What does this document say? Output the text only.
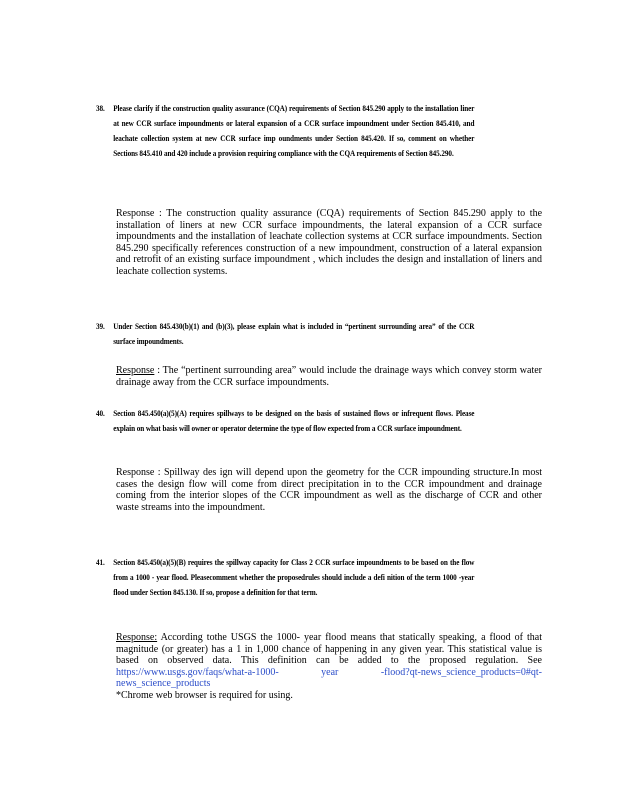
38. Please clarify if the construction quality assurance (CQA) requirements of Section 845.290 apply to the installation liner at new CCR surface impoundments or lateral expansion of a CCR surface impoundment under Section 845.410, and leachate collection system at new CCR surface imp oundments under Section 845.420. If so, comment on whether Sections 845.410 and 420 include a provision requiring compliance with the CQA requirements of Section 845.290.
Response : The construction quality assurance (CQA) requirements of Section 845.290 apply to the installation of liners at new CCR surface impoundments, the lateral expansion of a CCR surface impoundments and the installation of leachate collection systems at CCR surface impoundments. Section 845.290 specifically references construction of a new impoundment, construction of a lateral expansion and retrofit of an existing surface impoundment , which includes the design and installation of liners and leachate collection systems.
39. Under Section 845.430(b)(1) and (b)(3), please explain what is included in “pertinent surrounding area” of the CCR surface impoundments.
Response : The “pertinent surrounding area” would include the drainage ways which convey storm water drainage away from the CCR surface impoundments.
40. Section 845.450(a)(5)(A) requires spillways to be designed on the basis of sustained flows or infrequent flows. Please explain on what basis will owner or operator determine the type of flow expected from a CCR surface impoundment.
Response : Spillway des ign will depend upon the geometry for the CCR impounding structure.In most cases the design flow will come from direct precipitation in to the CCR impoundment and drainage coming from the interior slopes of the CCR impoundment as well as the discharge of CCR and other waste streams into the impoundment.
41. Section 845.450(a)(5)(B) requires the spillway capacity for Class 2 CCR surface impoundments to be based on the flow from a 1000 - year flood. Pleasecomment whether the proposedrules should include a defi nition of the term 1000 -year flood under Section 845.130. If so, propose a definition for that term.
Response: According tothe USGS the 1000- year flood means that statically speaking, a flood of that magnitude (or greater) has a 1 in 1,000 chance of happening in any given year. This statistical value is based on observed data. This definition can be added to the proposed regulation. See https://www.usgs.gov/faqs/what-a-1000- year -flood?qt-news_science_products=0#qt- news_science_products
*Chrome web browser is required for using.
